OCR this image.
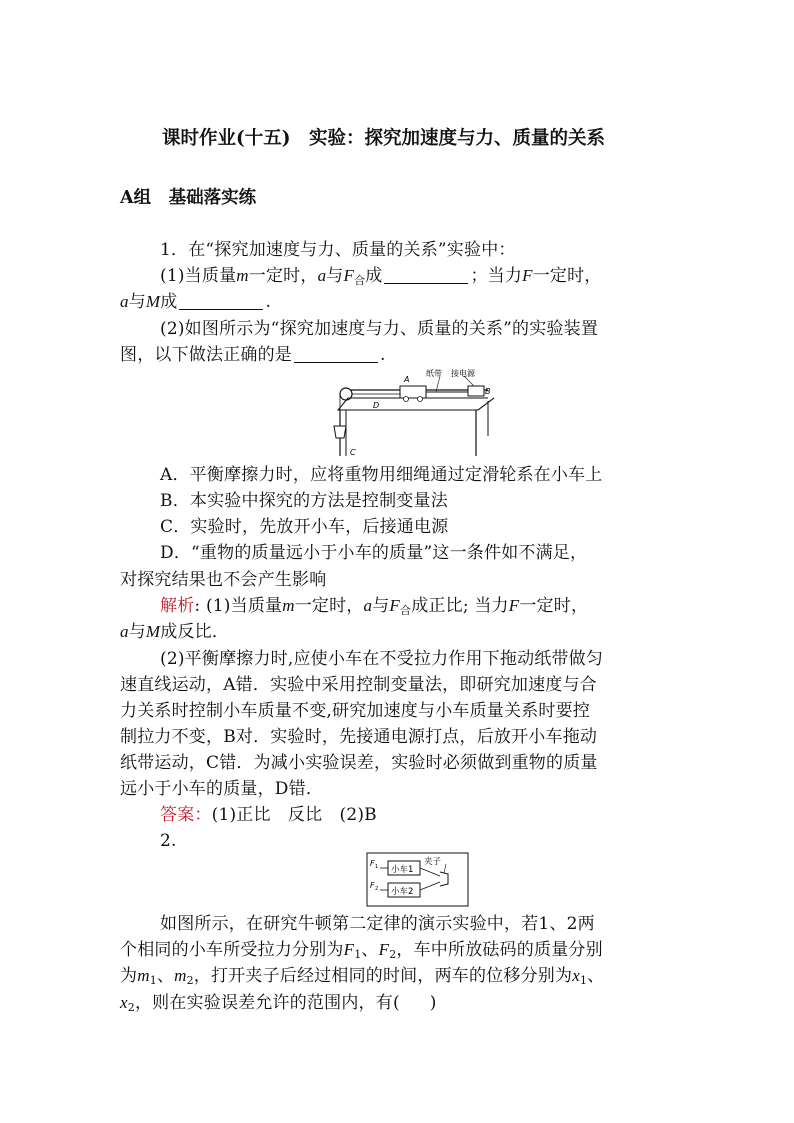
课时作业(十五)　实验：探究加速度与力、质量的关系
A组　基础落实练
1．在“探究加速度与力、质量的关系”实验中：
(1)当质量m一定时，a与$F_合$成	；当力F一定时，
a与M成	.
(2)如图所示为“探究加速度与力、质量的关系”的实验装置
图，以下做法正确的是	.
纸带 接电源
A
B
C
D
A．平衡摩擦力时，应将重物用细绳通过定滑轮系在小车上
B．本实验中探究的方法是控制变量法
C．实验时，先放开小车，后接通电源
D．“重物的质量远小于小车的质量”这一条件如不满足，
对探究结果也不会产生影响
解析: (1)当质量m一定时，a与$F_合$成正比; 当力F一定时，
a与M成反比．
(2)平衡摩擦力时,应使小车在不受拉力作用下拖动纸带做匀
速直线运动，A错．实验中采用控制变量法，即研究加速度与合
力关系时控制小车质量不变,研究加速度与小车质量关系时要控
制拉力不变，B对．实验时，先接通电源打点，后放开小车拖动
纸带运动，C错．为减小实验误差，实验时必须做到重物的质量
远小于小车的质量，D错．
答案：(1)正比　反比　(2)B
2.
F 1
F 2
小车1
小车2
夹子
如图所示，在研究牛顿第二定律的演示实验中，若1、2两
个相同的小车所受拉力分别为$F_1$、$F_2$，车中所放砝码的质量分别
为$m_1$、$m_2$，打开夹子后经过相同的时间，两车的位移分别为$x_1$、
$x_2$，则在实验误差允许的范围内，有( )
